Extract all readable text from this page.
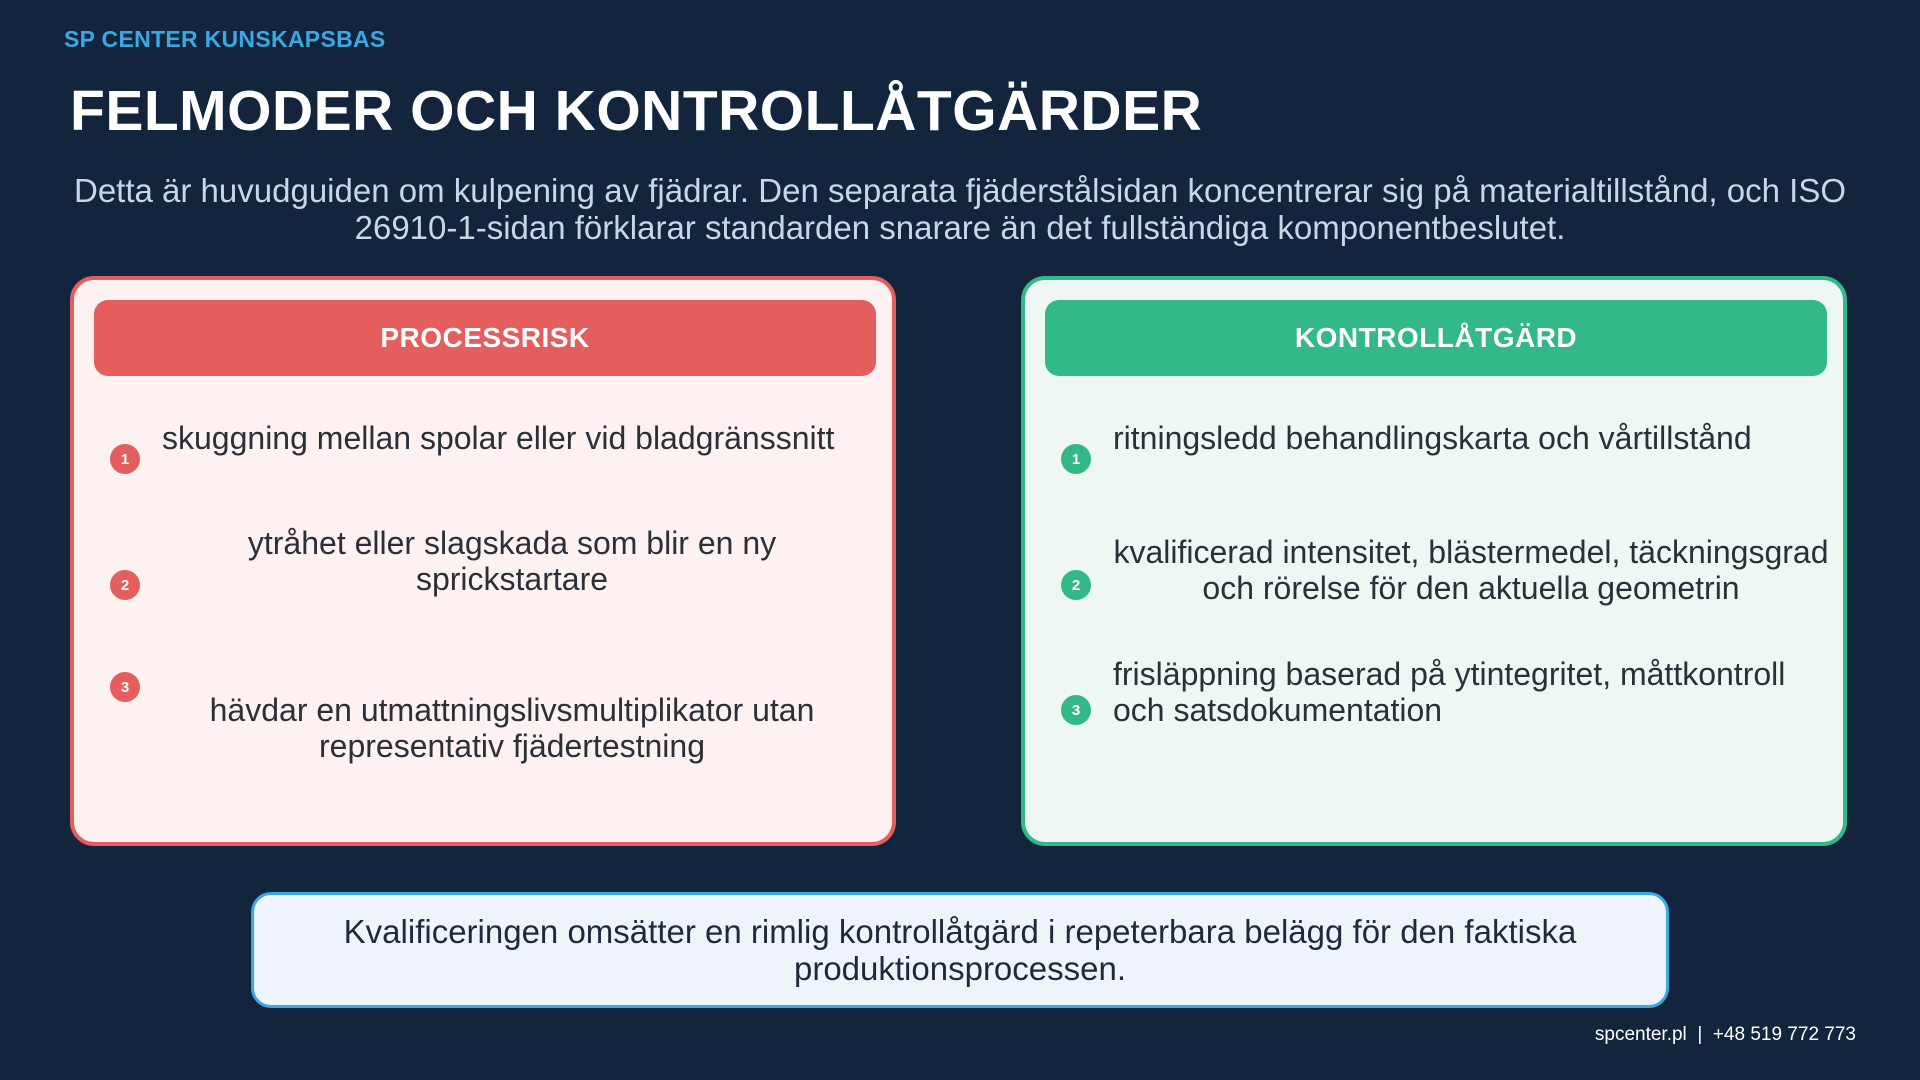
SP CENTER KUNSKAPSBAS
FELMODER OCH KONTROLLÅTGÄRDER
Detta är huvudguiden om kulpening av fjädrar. Den separata fjäderstålsidan koncentrerar sig på materialtillstånd, och ISO 26910-1-sidan förklarar standarden snarare än det fullständiga komponentbeslutet.
PROCESSRISK
1
skuggning mellan spolar eller vid bladgränssnitt
2
ytråhet eller slagskada som blir en ny sprickstartare
3
hävdar en utmattningslivsmultiplikator utan representativ fjädertestning
KONTROLLÅTGÄRD
1
ritningsledd behandlingskarta och vårtillstånd
2
kvalificerad intensitet, blästermedel, täckningsgrad och rörelse för den aktuella geometrin
3
frisläppning baserad på ytintegritet, måttkontroll och satsdokumentation
Kvalificeringen omsätter en rimlig kontrollåtgärd i repeterbara belägg för den faktiska produktionsprocessen.
spcenter.pl  |  +48 519 772 773
